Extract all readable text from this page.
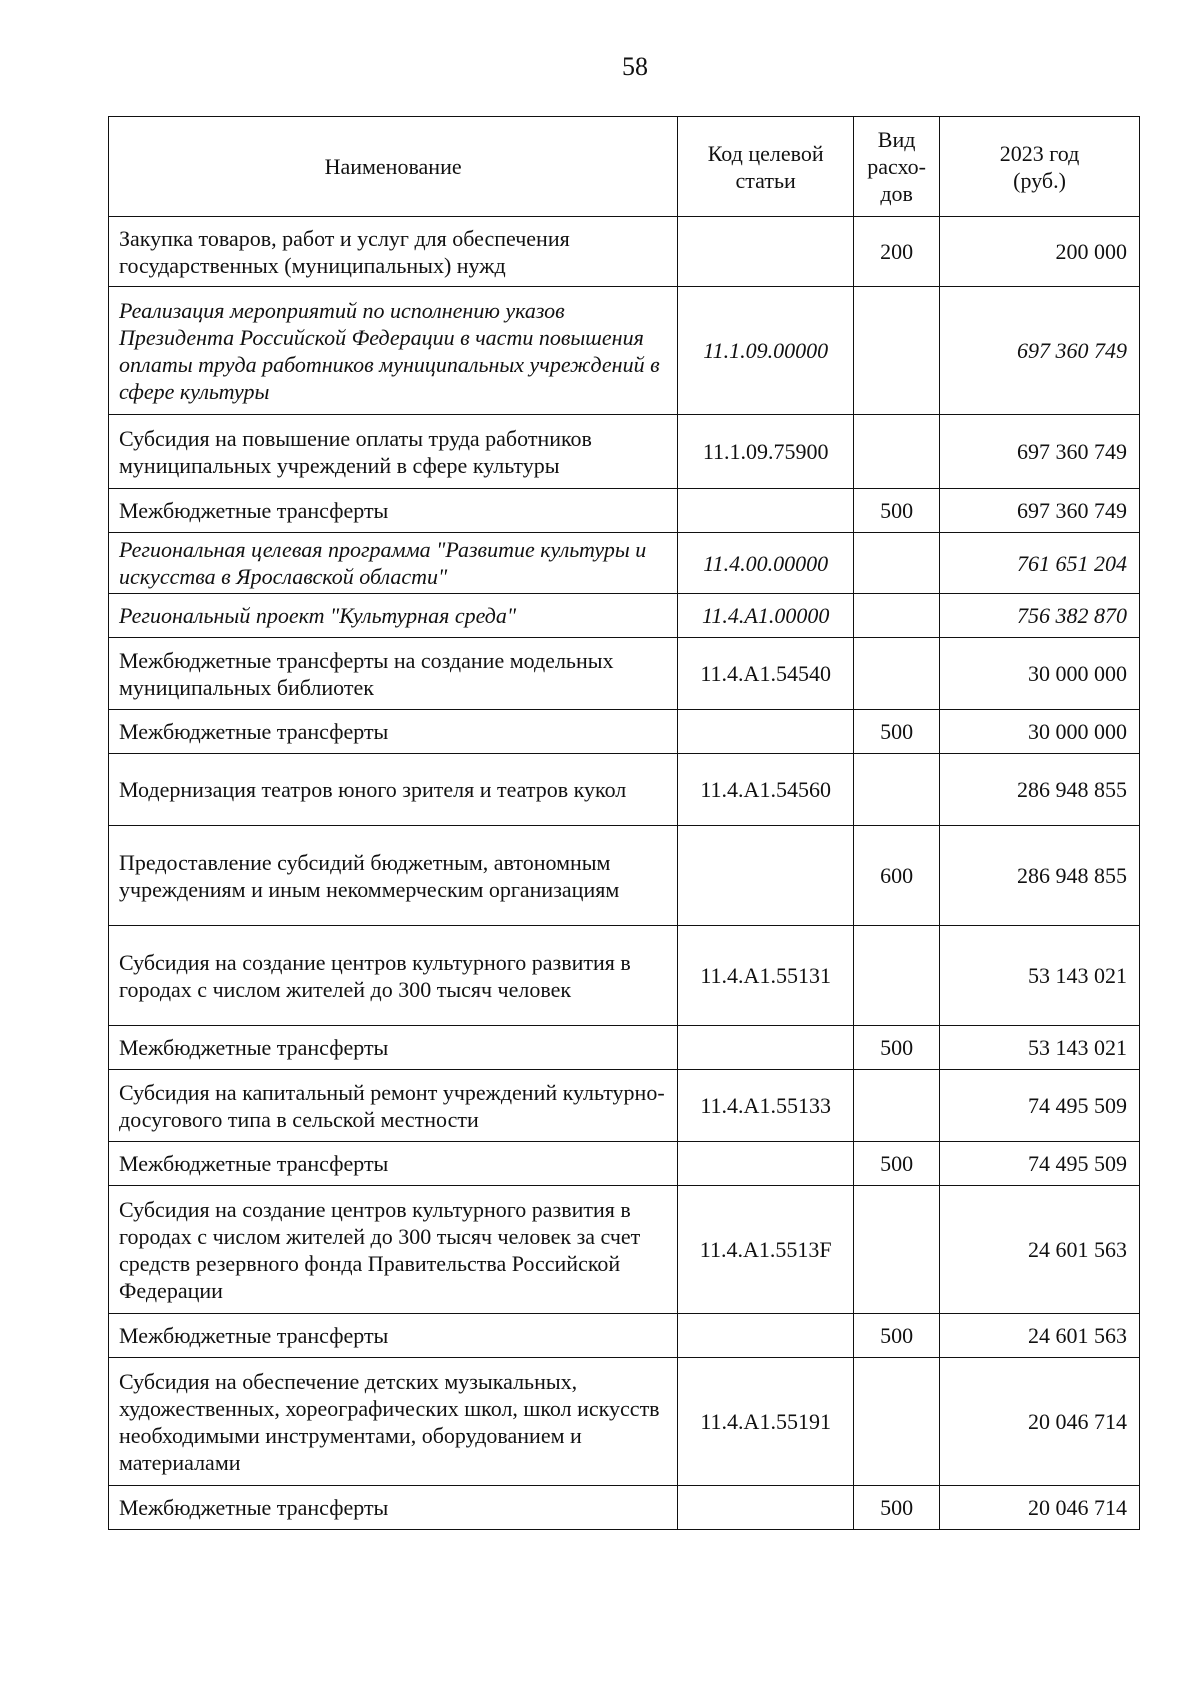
58
Наименование	Код целевой статьи	Вид расхо- дов	2023 год (руб.)
Закупка товаров, работ и услуг для обеспечения государственных (муниципальных) нужд		200	200 000
Реализация мероприятий по исполнению указов Президента Российской Федерации в части повышения оплаты труда работников муниципальных учреждений в сфере культуры	11.1.09.00000		697 360 749
Субсидия на повышение оплаты труда работников муниципальных учреждений в сфере культуры	11.1.09.75900		697 360 749
Межбюджетные трансферты		500	697 360 749
Региональная целевая программа "Развитие культуры и искусства в Ярославской области"	11.4.00.00000		761 651 204
Региональный проект "Культурная среда"	11.4.A1.00000		756 382 870
Межбюджетные трансферты на создание модельных муниципальных библиотек	11.4.A1.54540		30 000 000
Межбюджетные трансферты		500	30 000 000
Модернизация театров юного зрителя и театров кукол	11.4.A1.54560		286 948 855
Предоставление субсидий бюджетным, автономным учреждениям и иным некоммерческим организациям		600	286 948 855
Субсидия на создание центров культурного развития в городах с числом жителей до 300 тысяч человек	11.4.A1.55131		53 143 021
Межбюджетные трансферты		500	53 143 021
Субсидия на капитальный ремонт учреждений культурно-досугового типа в сельской местности	11.4.A1.55133		74 495 509
Межбюджетные трансферты		500	74 495 509
Субсидия на создание центров культурного развития в городах с числом жителей до 300 тысяч человек за счет средств резервного фонда Правительства Российской Федерации	11.4.A1.5513F		24 601 563
Межбюджетные трансферты		500	24 601 563
Субсидия на обеспечение детских музыкальных, художественных, хореографических школ, школ искусств необходимыми инструментами, оборудованием и материалами	11.4.A1.55191		20 046 714
Межбюджетные трансферты		500	20 046 714
